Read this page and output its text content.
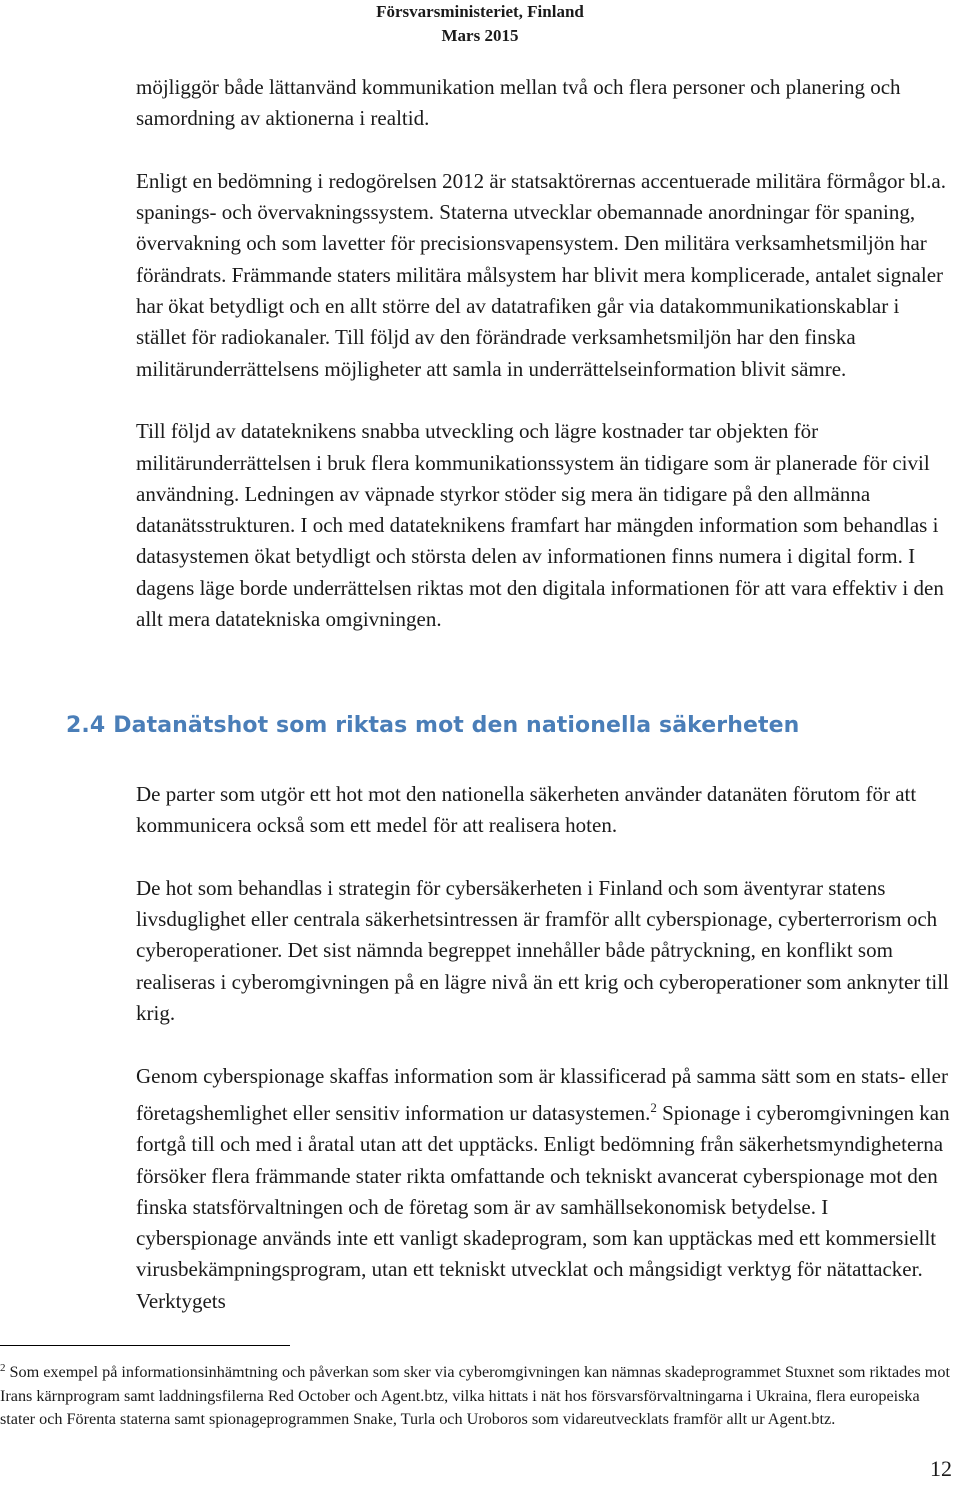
Försvarsministeriet, Finland
Mars 2015

möjliggör både lättanvänd kommunikation mellan två och flera personer och planering och samordning av aktionerna i realtid.

Enligt en bedömning i redogörelsen 2012 är statsaktörernas accentuerade militära förmågor bl.a. spanings- och övervakningssystem. Staterna utvecklar obemannade anordningar för spaning, övervakning och som lavetter för precisionsvapensystem. Den militära verksamhetsmiljön har förändrats. Främmande staters militära målsystem har blivit mera komplicerade, antalet signaler har ökat betydligt och en allt större del av datatrafiken går via datakommunikationskablar i stället för radiokanaler. Till följd av den förändrade verksamhetsmiljön har den finska militärunderrättelsens möjligheter att samla in underrättelseinformation blivit sämre.

Till följd av datateknikens snabba utveckling och lägre kostnader tar objekten för militärunderrättelsen i bruk flera kommunikationssystem än tidigare som är planerade för civil användning. Ledningen av väpnade styrkor stöder sig mera än tidigare på den allmänna datanätsstrukturen. I och med datateknikens framfart har mängden information som behandlas i datasystemen ökat betydligt och största delen av informationen finns numera i digital form. I dagens läge borde underrättelsen riktas mot den digitala informationen för att vara effektiv i den allt mera datatekniska omgivningen.

2.4 Datanätshot som riktas mot den nationella säkerheten

De parter som utgör ett hot mot den nationella säkerheten använder datanäten förutom för att kommunicera också som ett medel för att realisera hoten.

De hot som behandlas i strategin för cybersäkerheten i Finland och som äventyrar statens livsduglighet eller centrala säkerhetsintressen är framför allt cyberspionage, cyberterrorism och cyberoperationer. Det sist nämnda begreppet innehåller både påtryckning, en konflikt som realiseras i cyberomgivningen på en lägre nivå än ett krig och cyberoperationer som anknyter till krig.

Genom cyberspionage skaffas information som är klassificerad på samma sätt som en stats- eller företagshemlighet eller sensitiv information ur datasystemen.$^2$ Spionage i cyberomgivningen kan fortgå till och med i åratal utan att det upptäcks. Enligt bedömning från säkerhetsmyndigheterna försöker flera främmande stater rikta omfattande och tekniskt avancerat cyberspionage mot den finska statsförvaltningen och de företag som är av samhällsekonomisk betydelse. I cyberspionage används inte ett vanligt skadeprogram, som kan upptäckas med ett kommersiellt virusbekämpningsprogram, utan ett tekniskt utvecklat och mångsidigt verktyg för nätattacker. Verktygets

$^2$ Som exempel på informationsinhämtning och påverkan som sker via cyberomgivningen kan nämnas skadeprogrammet Stuxnet som riktades mot Irans kärnprogram samt laddningsfilerna Red October och Agent.btz, vilka hittats i nät hos försvarsförvaltningarna i Ukraina, flera europeiska stater och Förenta staterna samt spionageprogrammen Snake, Turla och Uroboros som vidareutvecklats framför allt ur Agent.btz.

12
